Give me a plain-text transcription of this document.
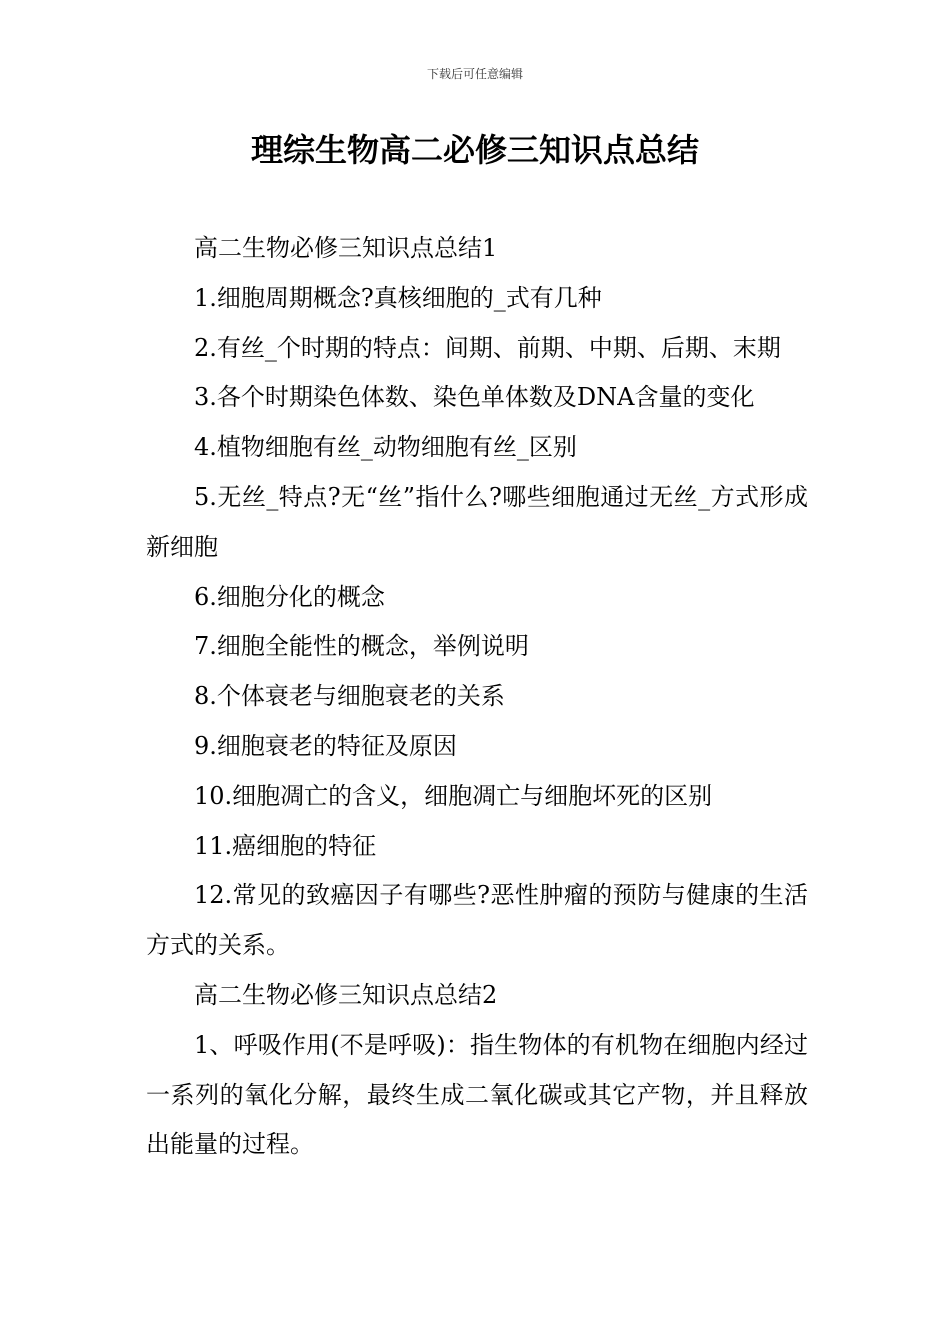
下载后可任意编辑
理综生物高二必修三知识点总结

高二生物必修三知识点总结1

1.细胞周期概念?真核细胞的_式有几种

2.有丝_个时期的特点：间期、前期、中期、后期、末期

3.各个时期染色体数、染色单体数及DNA含量的变化

4.植物细胞有丝_动物细胞有丝_区别

5.无丝_特点?无“丝”指什么?哪些细胞通过无丝_方式形成新细胞

6.细胞分化的概念

7.细胞全能性的概念，举例说明

8.个体衰老与细胞衰老的关系

9.细胞衰老的特征及原因

10.细胞凋亡的含义，细胞凋亡与细胞坏死的区别

11.癌细胞的特征

12.常见的致癌因子有哪些?恶性肿瘤的预防与健康的生活方式的关系。

高二生物必修三知识点总结2

1、呼吸作用(不是呼吸)：指生物体的有机物在细胞内经过一系列的氧化分解，最终生成二氧化碳或其它产物，并且释放出能量的过程。
